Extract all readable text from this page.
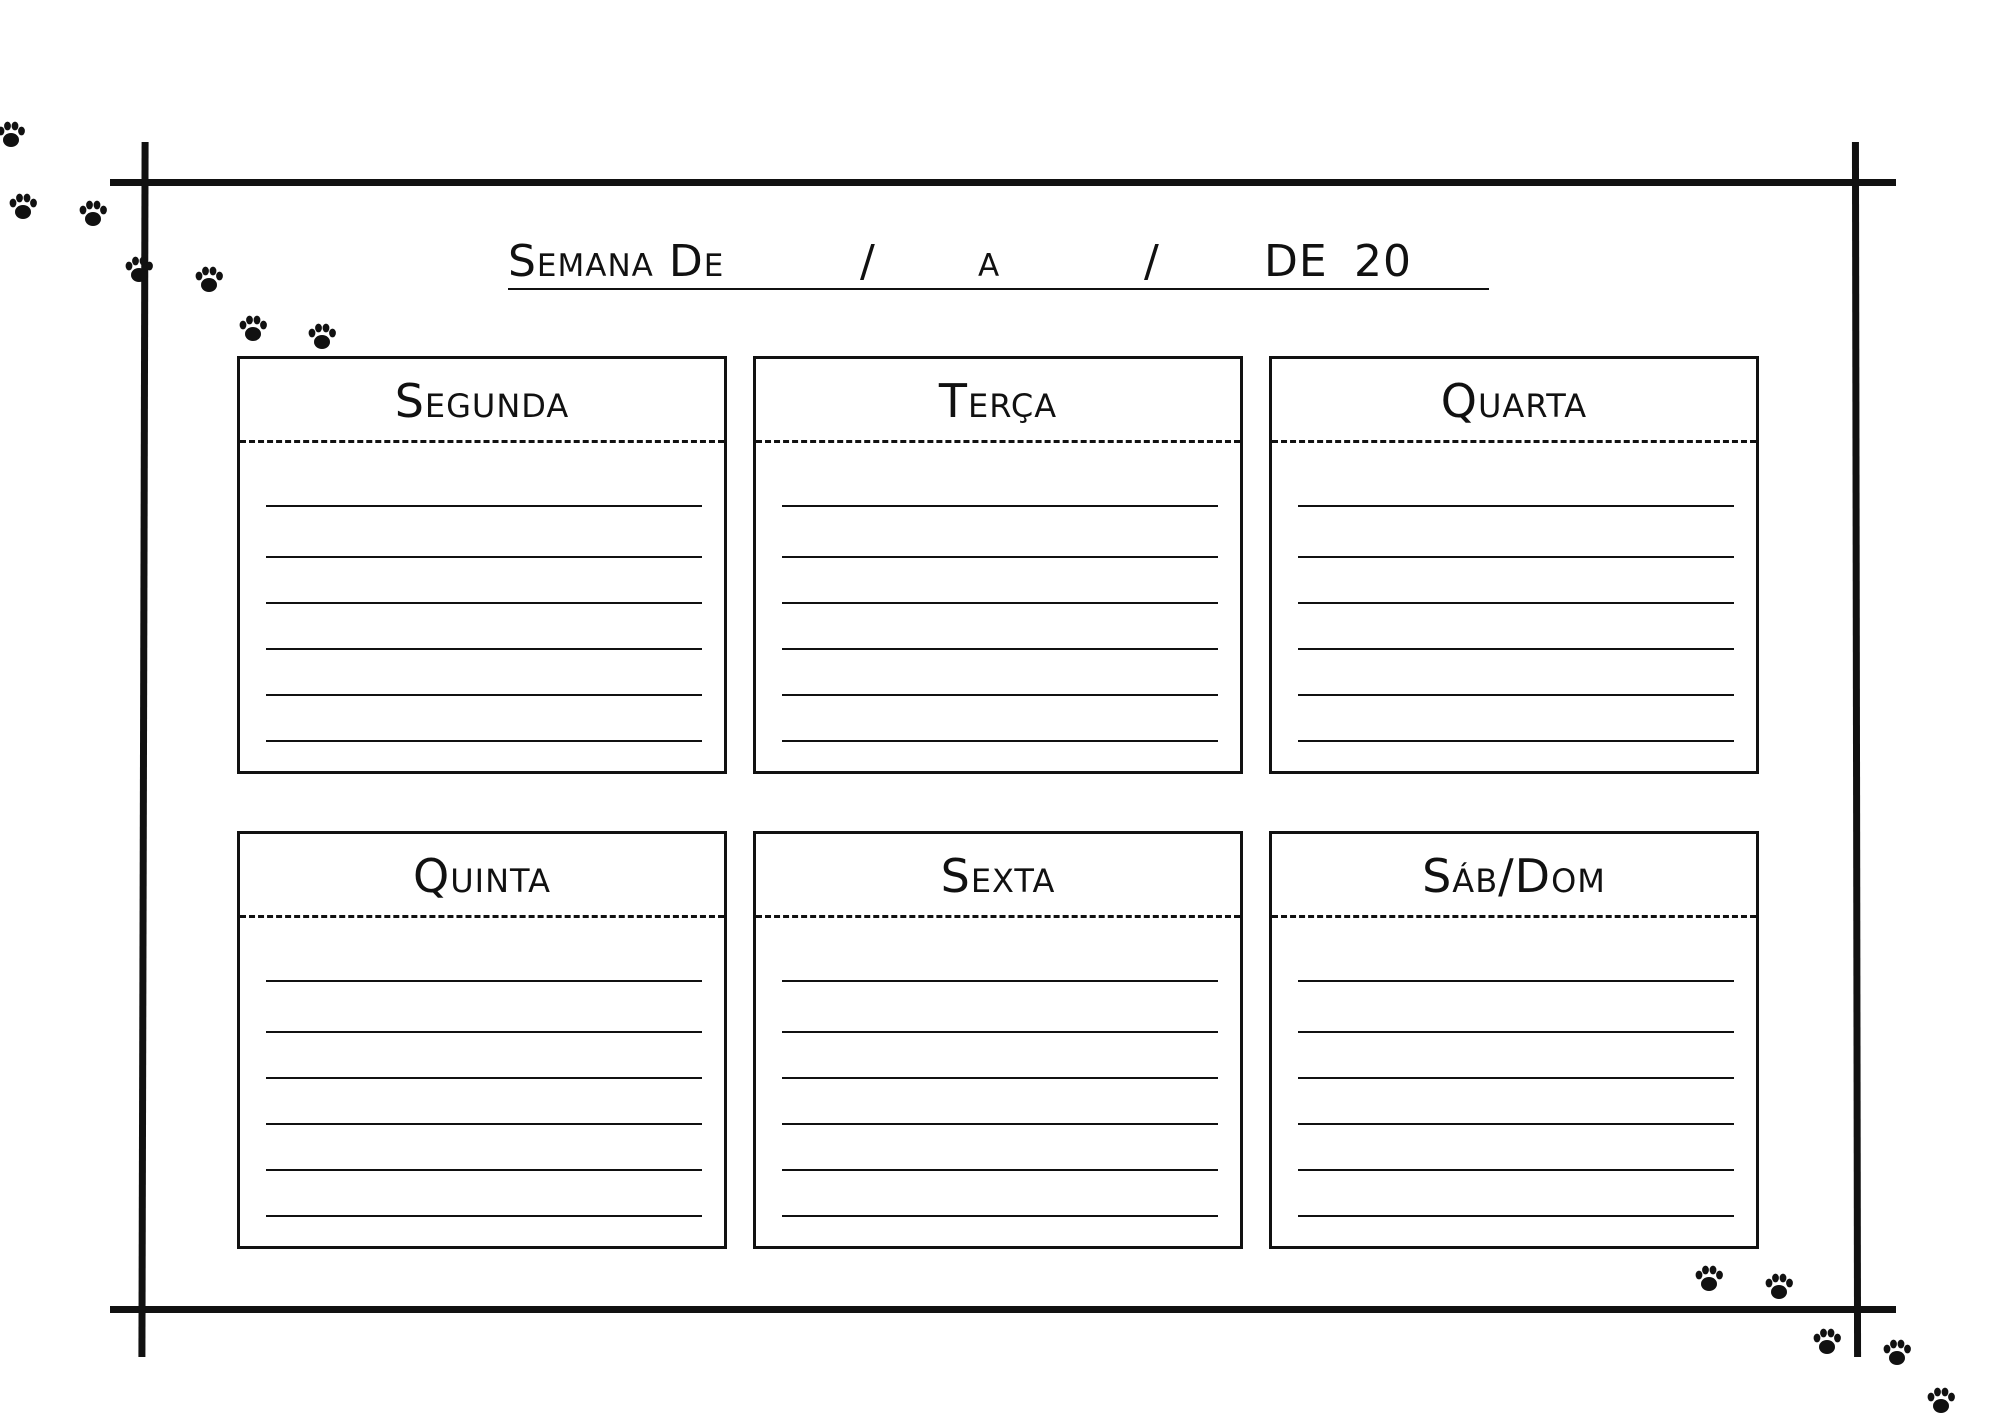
Semana De	/ a	/ DE 20
Segunda	Terça	Quarta
Quinta	Sexta	Sáb/Dom
